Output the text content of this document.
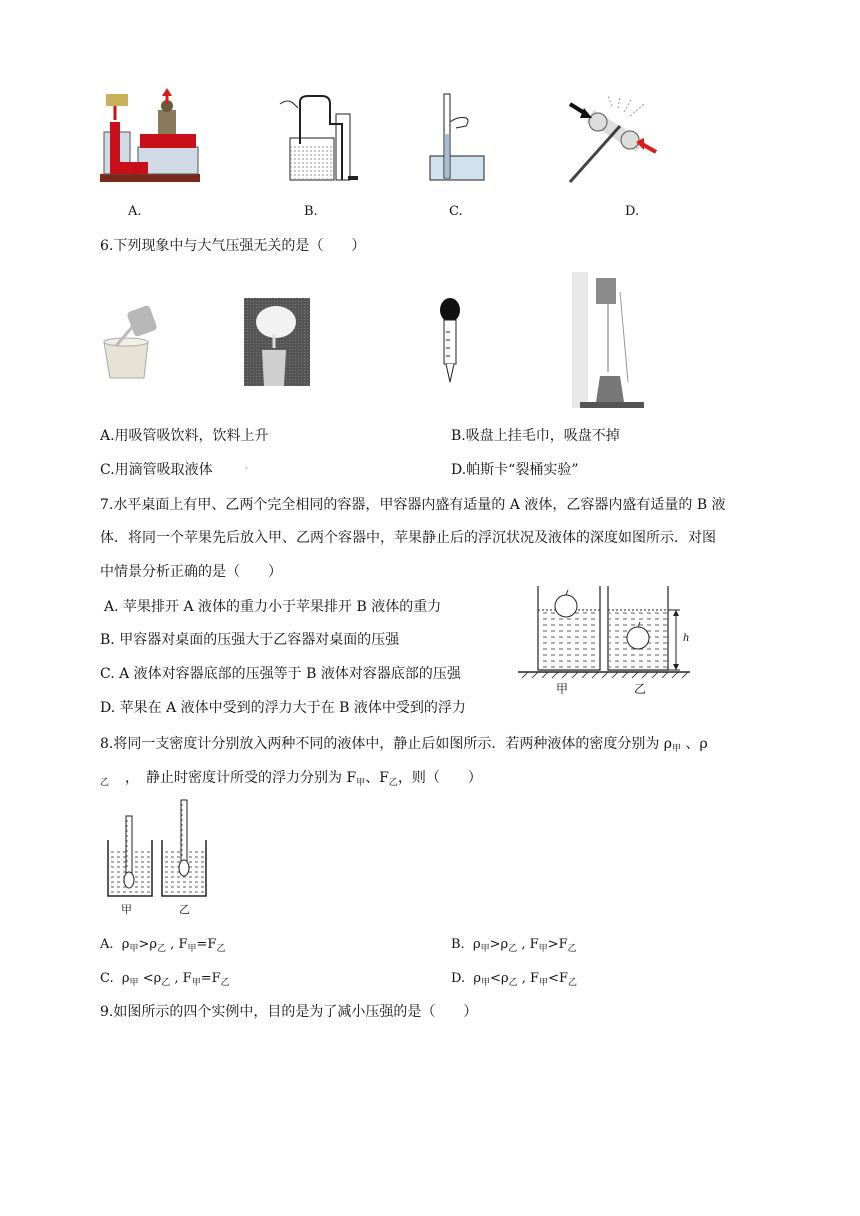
A.	B.	C.	D.
6.下列现象中与大气压强无关的是（　　）
A.用吸管吸饮料，饮料上升	B.吸盘上挂毛巾，吸盘不掉
C.用滴管吸取液体	◦	D.帕斯卡“裂桶实验”
7.水平桌面上有甲、乙两个完全相同的容器，甲容器内盛有适量的 A 液体，乙容器内盛有适量的 B 液
体．将同一个苹果先后放入甲、乙两个容器中，苹果静止后的浮沉状况及液体的深度如图所示．对图
中情景分析正确的是（　　）
A. 苹果排开 A 液体的重力小于苹果排开 B 液体的重力
B. 甲容器对桌面的压强大于乙容器对桌面的压强
C. A 液体对容器底部的压强等于 B 液体对容器底部的压强
D. 苹果在 A 液体中受到的浮力大于在 B 液体中受到的浮力
h
甲	乙
8.将同一支密度计分别放入两种不同的液体中，静止后如图所示．若两种液体的密度分别为 $\rho_甲$ 、ρ
$_乙$ ，　静止时密度计所受的浮力分别为 $F_甲$、$F_乙$，则（　　）
甲	乙
A.  $\rho_甲>\rho_乙$ , $F_甲=F_乙$	B.  $\rho_甲>\rho_乙$ , $F_甲>F_乙$
C.  $\rho_甲 <\rho_乙$ , $F_甲=F_乙$	D.  $\rho_甲<\rho_乙$ , $F_甲<F_乙$
9.如图所示的四个实例中，目的是为了减小压强的是（　　）
